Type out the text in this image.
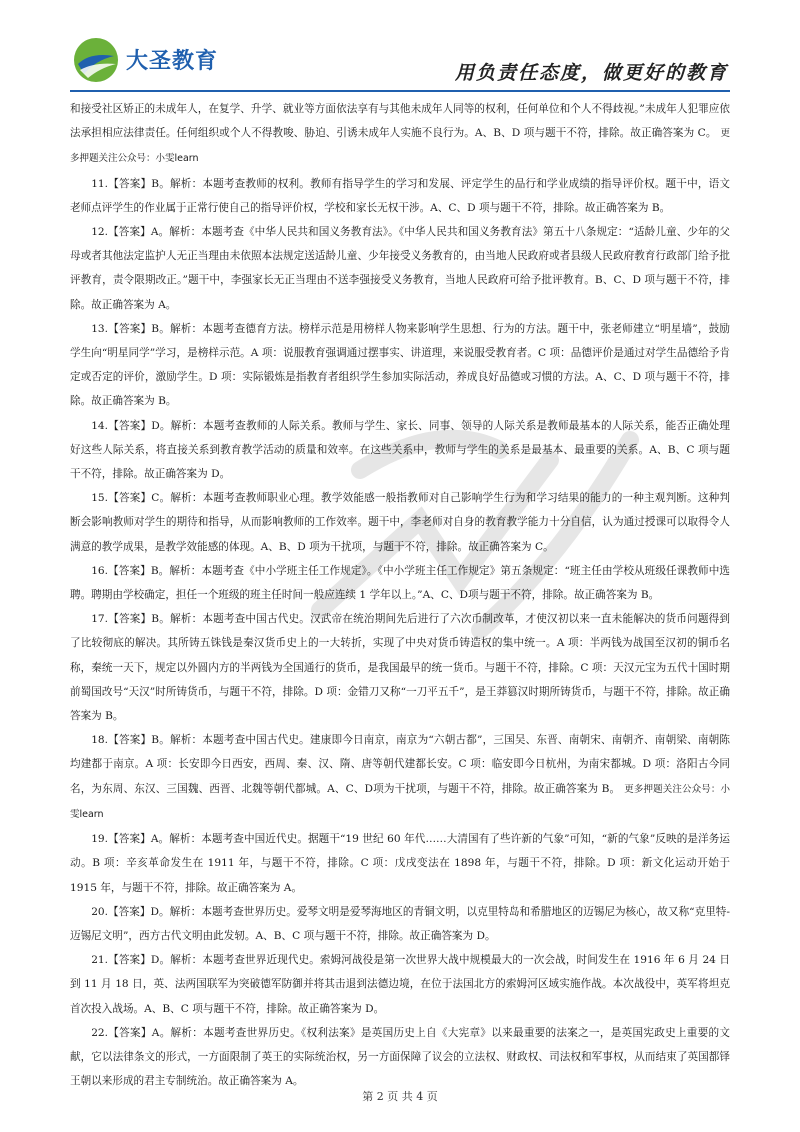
大圣教育	用负责任态度，做更好的教育

和接受社区矫正的未成年人，在复学、升学、就业等方面依法享有与其他未成年人同等的权利，任何单位和个人不得歧视。”未成年人犯罪应依法承担相应法律责任。任何组织或个人不得教唆、胁迫、引诱未成年人实施不良行为。A、B、D 项与题干不符，排除。故正确答案为 C。 更多押题关注公众号：小雯learn

11.【答案】B。解析：本题考查教师的权利。教师有指导学生的学习和发展、评定学生的品行和学业成绩的指导评价权。题干中，语文老师点评学生的作业属于正常行使自己的指导评价权，学校和家长无权干涉。A、C、D 项与题干不符，排除。故正确答案为 B。

12.【答案】A。解析：本题考查《中华人民共和国义务教育法》。《中华人民共和国义务教育法》第五十八条规定：“适龄儿童、少年的父母或者其他法定监护人无正当理由未依照本法规定送适龄儿童、少年接受义务教育的，由当地人民政府或者县级人民政府教育行政部门给予批评教育，责令限期改正。”题干中，李强家长无正当理由不送李强接受义务教育，当地人民政府可给予批评教育。B、C、D 项与题干不符，排除。故正确答案为 A。

13.【答案】B。解析：本题考查德育方法。榜样示范是用榜样人物来影响学生思想、行为的方法。题干中，张老师建立“明星墙”，鼓励学生向“明星同学”学习，是榜样示范。A 项：说服教育强调通过摆事实、讲道理，来说服受教育者。C 项：品德评价是通过对学生品德给予肯定或否定的评价，激励学生。D 项：实际锻炼是指教育者组织学生参加实际活动，养成良好品德或习惯的方法。A、C、D 项与题干不符，排除。故正确答案为 B。

14.【答案】D。解析：本题考查教师的人际关系。教师与学生、家长、同事、领导的人际关系是教师最基本的人际关系，能否正确处理好这些人际关系，将直接关系到教育教学活动的质量和效率。在这些关系中，教师与学生的关系是最基本、最重要的关系。A、B、C 项与题干不符，排除。故正确答案为 D。

15.【答案】C。解析：本题考查教师职业心理。教学效能感一般指教师对自己影响学生行为和学习结果的能力的一种主观判断。这种判断会影响教师对学生的期待和指导，从而影响教师的工作效率。题干中，李老师对自身的教育教学能力十分自信，认为通过授课可以取得令人满意的教学成果，是教学效能感的体现。A、B、D 项为干扰项，与题干不符，排除。故正确答案为 C。

16.【答案】B。解析：本题考查《中小学班主任工作规定》。《中小学班主任工作规定》第五条规定：“班主任由学校从班级任课教师中选聘。聘期由学校确定，担任一个班级的班主任时间一般应连续 1 学年以上。”A、C、D项与题干不符，排除。故正确答案为 B。

17.【答案】B。解析：本题考查中国古代史。汉武帝在统治期间先后进行了六次币制改革，才使汉初以来一直未能解决的货币问题得到了比较彻底的解决。其所铸五铢钱是秦汉货币史上的一大转折，实现了中央对货币铸造权的集中统一。A 项：半两钱为战国至汉初的铜币名称，秦统一天下，规定以外圆内方的半两钱为全国通行的货币，是我国最早的统一货币。与题干不符，排除。C 项：天汉元宝为五代十国时期前蜀国改号“天汉”时所铸货币，与题干不符，排除。D 项：金错刀又称“一刀平五千”，是王莽篡汉时期所铸货币，与题干不符，排除。故正确答案为 B。

18.【答案】B。解析：本题考查中国古代史。建康即今日南京，南京为“六朝古都”，三国吴、东晋、南朝宋、南朝齐、南朝梁、南朝陈均建都于南京。A 项：长安即今日西安，西周、秦、汉、隋、唐等朝代建都长安。C 项：临安即今日杭州，为南宋都城。D 项：洛阳古今同名，为东周、东汉、三国魏、西晋、北魏等朝代都城。A、C、D项为干扰项，与题干不符，排除。故正确答案为 B。 更多押题关注公众号：小雯learn

19.【答案】A。解析：本题考查中国近代史。据题干“19 世纪 60 年代……大清国有了些许新的气象”可知，“新的气象”反映的是洋务运动。B 项：辛亥革命发生在 1911 年，与题干不符，排除。C 项：戊戌变法在 1898 年，与题干不符，排除。D 项：新文化运动开始于 1915 年，与题干不符，排除。故正确答案为 A。

20.【答案】D。解析：本题考查世界历史。爱琴文明是爱琴海地区的青铜文明，以克里特岛和希腊地区的迈锡尼为核心，故又称“克里特-迈锡尼文明”，西方古代文明由此发轫。A、B、C 项与题干不符，排除。故正确答案为 D。

21.【答案】D。解析：本题考查世界近现代史。索姆河战役是第一次世界大战中规模最大的一次会战，时间发生在 1916 年 6 月 24 日到 11 月 18 日，英、法两国联军为突破德军防御并将其击退到法德边境，在位于法国北方的索姆河区域实施作战。本次战役中，英军将坦克首次投入战场。A、B、C 项与题干不符，排除。故正确答案为 D。

22.【答案】A。解析：本题考查世界历史。《权利法案》是英国历史上自《大宪章》以来最重要的法案之一，是英国宪政史上重要的文献，它以法律条文的形式，一方面限制了英王的实际统治权，另一方面保障了议会的立法权、财政权、司法权和军事权，从而结束了英国都铎王朝以来形成的君主专制统治。故正确答案为 A。

第 2 页 共 4 页
